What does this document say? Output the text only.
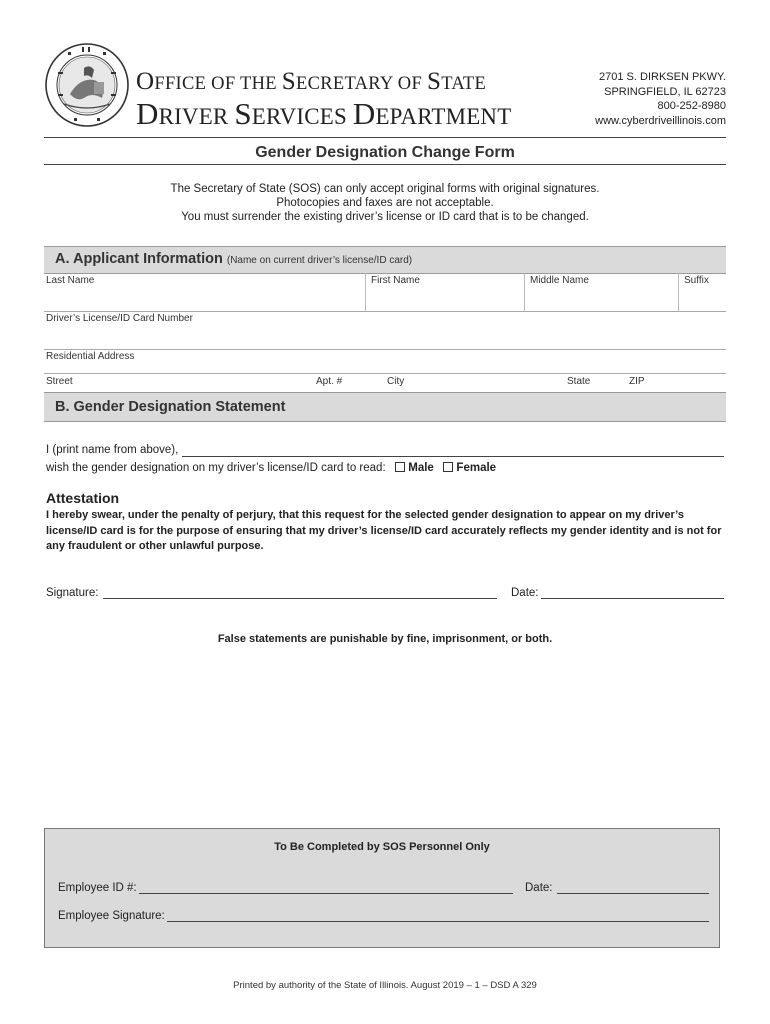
OFFICE OF THE SECRETARY OF STATE
DRIVER SERVICES DEPARTMENT
2701 S. DIRKSEN PKWY.
SPRINGFIELD, IL 62723
800-252-8980
www.cyberdriveillinois.com
Gender Designation Change Form
The Secretary of State (SOS) can only accept original forms with original signatures.
Photocopies and faxes are not acceptable.
You must surrender the existing driver’s license or ID card that is to be changed.
A. Applicant Information (Name on current driver’s license/ID card)
Last Name	First Name	Middle Name	Suffix
Driver’s License/ID Card Number
Residential Address
Street	Apt. #	City	State	ZIP
B. Gender Designation Statement
I (print name from above),
wish the gender designation on my driver’s license/ID card to read: Male Female
Attestation
I hereby swear, under the penalty of perjury, that this request for the selected gender designation to appear on my driver’s license/ID card is for the purpose of ensuring that my driver’s license/ID card accurately reflects my gender identity and is not for any fraudulent or other unlawful purpose.
Signature:	Date:
False statements are punishable by fine, imprisonment, or both.
To Be Completed by SOS Personnel Only
Employee ID #:	Date:
Employee Signature:
Printed by authority of the State of Illinois. August 2019 – 1 – DSD A 329
